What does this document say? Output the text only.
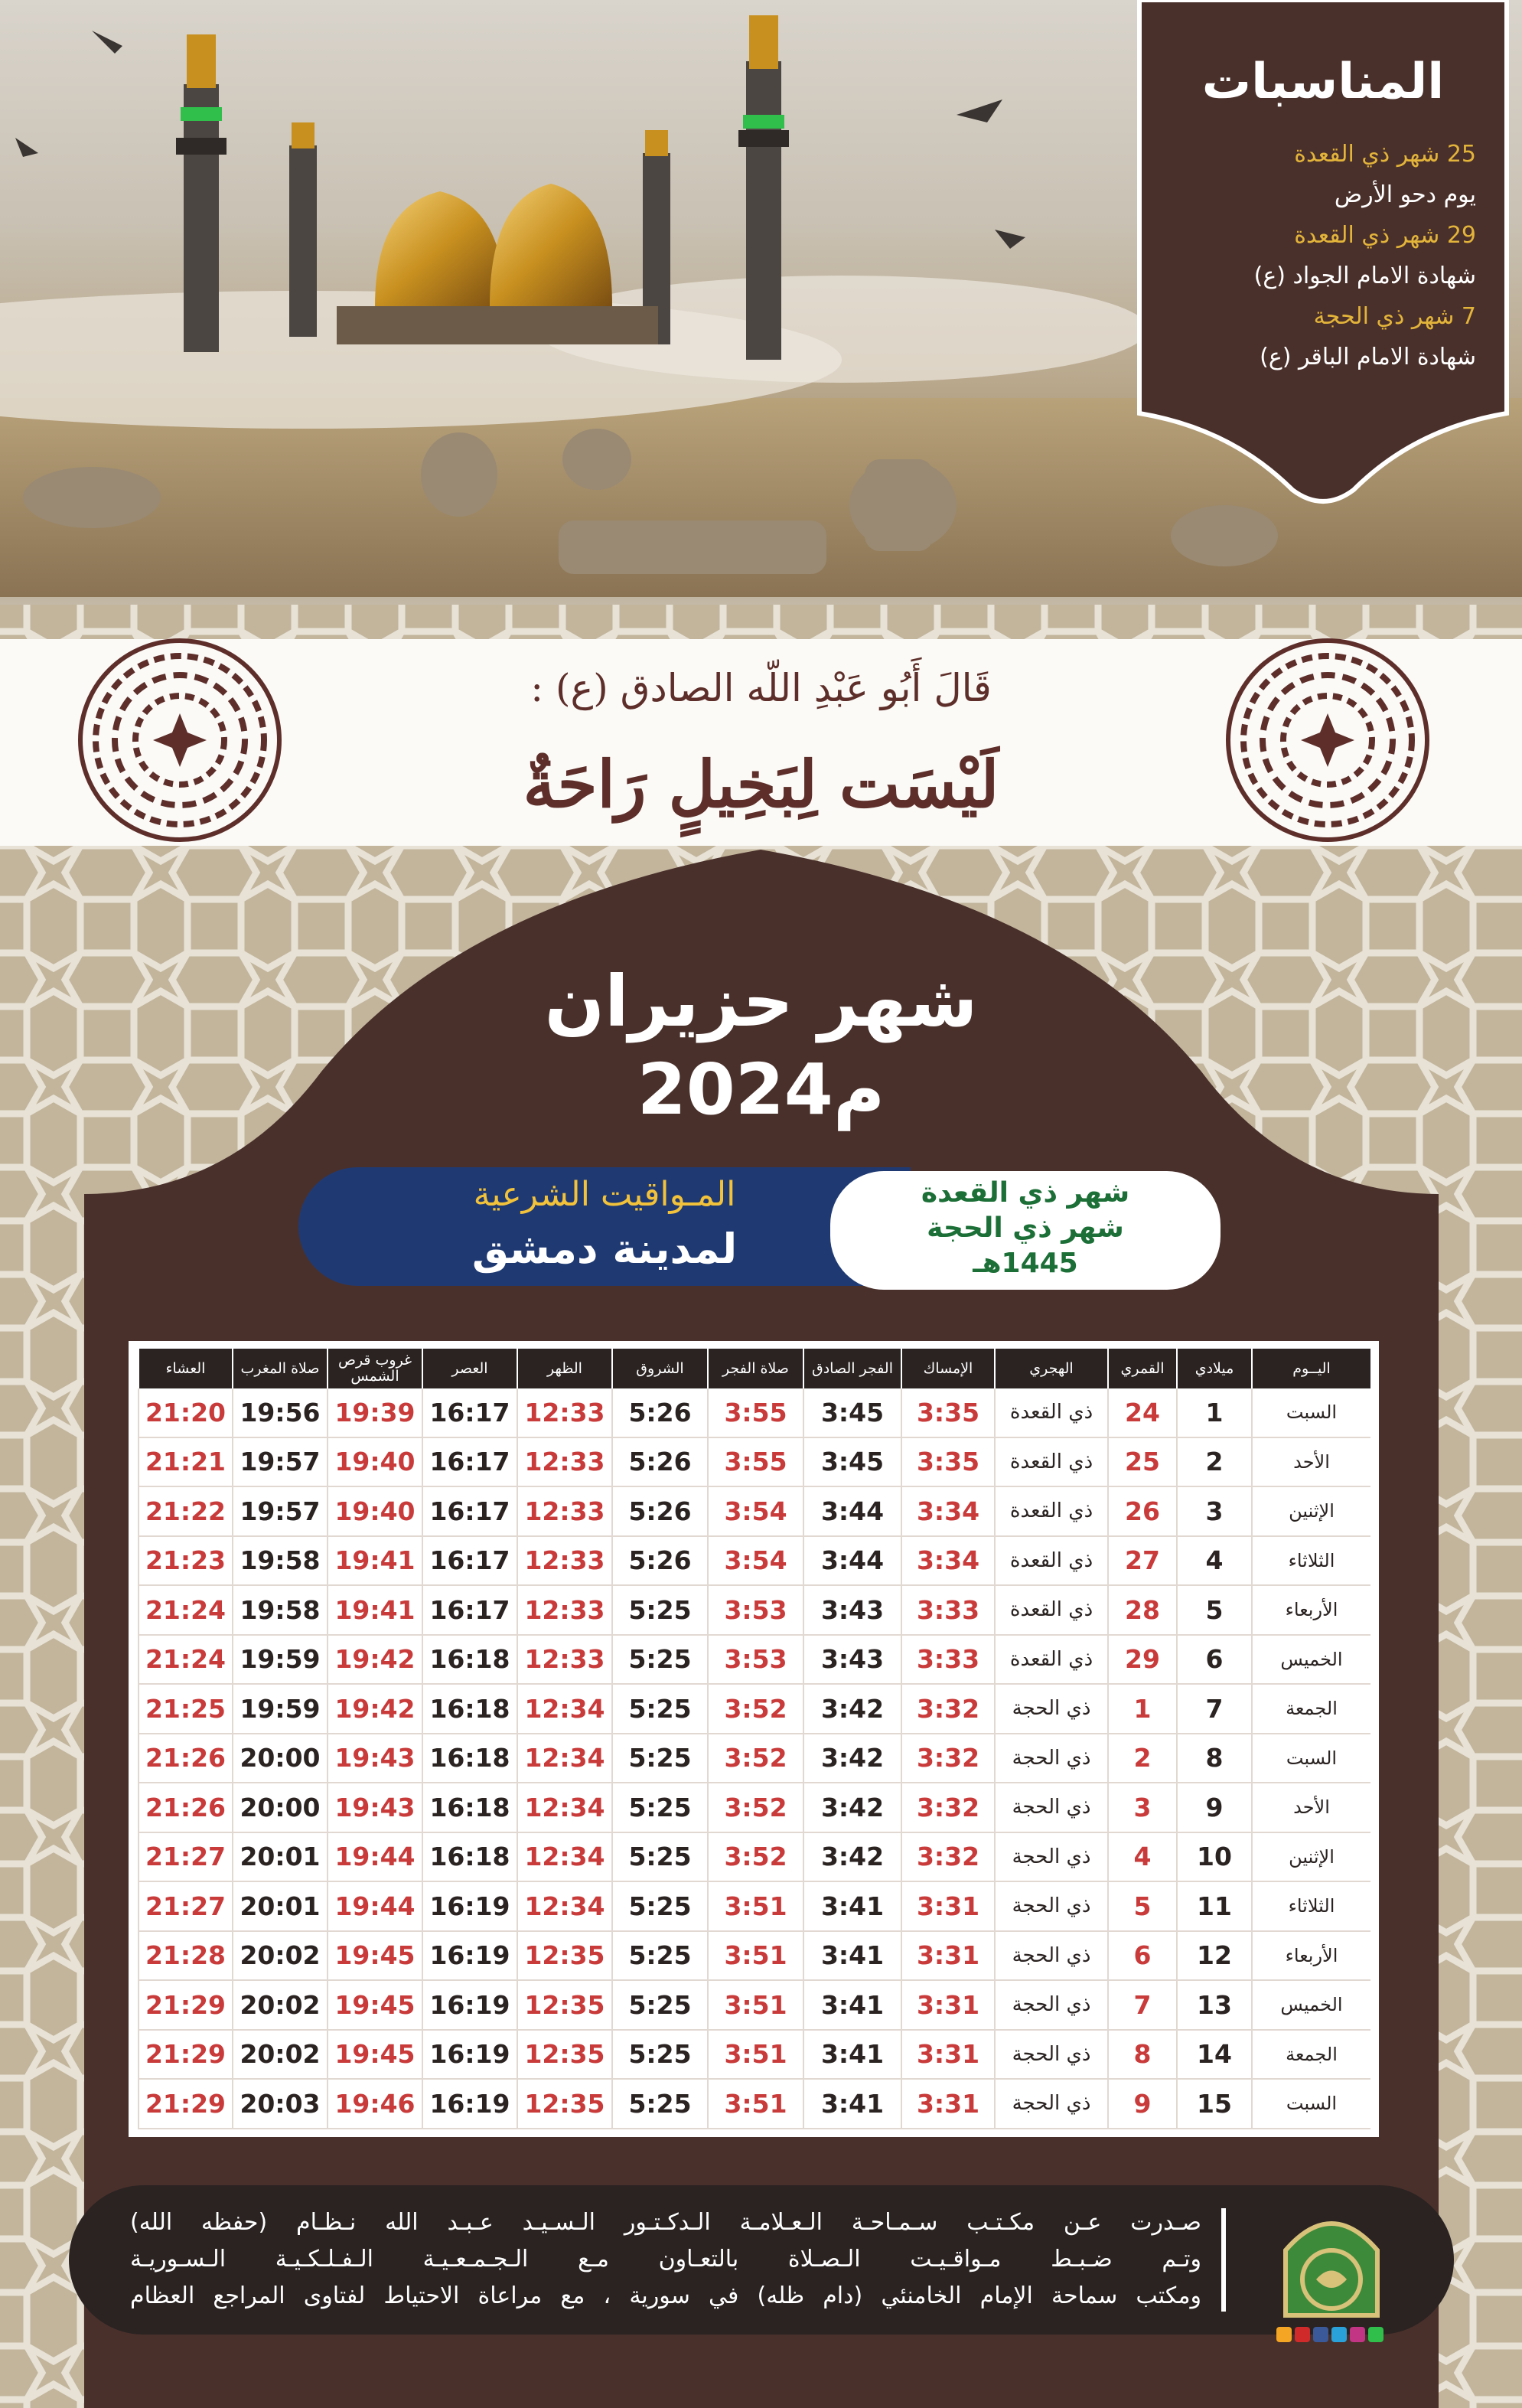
المناسبات
25 شهر ذي القعدة
يوم دحو الأرض
29 شهر ذي القعدة
شهادة الامام الجواد (ع)
7 شهر ذي الحجة
شهادة الامام الباقر (ع)
قَالَ أَبُو عَبْدِ اللّه الصادق (ع) :
لَيْسَت لِبَخِيلٍ رَاحَةٌ
شهر حزيران
2024م
المـواقيت الشرعية
لمدينة دمشق
شهر ذي القعدة
شهر ذي الحجة
1445هـ
اليــوم	ميلادي	القمري	الهجري	الإمساك	الفجر الصادق	صلاة الفجر	الشروق	الظهر	العصر	غروب قرص الشمس	صلاة المغرب	العشاء
السبت	1	24	ذي القعدة	3:35	3:45	3:55	5:26	12:33	16:17	19:39	19:56	21:20
الأحد	2	25	ذي القعدة	3:35	3:45	3:55	5:26	12:33	16:17	19:40	19:57	21:21
الإثنين	3	26	ذي القعدة	3:34	3:44	3:54	5:26	12:33	16:17	19:40	19:57	21:22
الثلاثاء	4	27	ذي القعدة	3:34	3:44	3:54	5:26	12:33	16:17	19:41	19:58	21:23
الأربعاء	5	28	ذي القعدة	3:33	3:43	3:53	5:25	12:33	16:17	19:41	19:58	21:24
الخميس	6	29	ذي القعدة	3:33	3:43	3:53	5:25	12:33	16:18	19:42	19:59	21:24
الجمعة	7	1	ذي الحجة	3:32	3:42	3:52	5:25	12:34	16:18	19:42	19:59	21:25
السبت	8	2	ذي الحجة	3:32	3:42	3:52	5:25	12:34	16:18	19:43	20:00	21:26
الأحد	9	3	ذي الحجة	3:32	3:42	3:52	5:25	12:34	16:18	19:43	20:00	21:26
الإثنين	10	4	ذي الحجة	3:32	3:42	3:52	5:25	12:34	16:18	19:44	20:01	21:27
الثلاثاء	11	5	ذي الحجة	3:31	3:41	3:51	5:25	12:34	16:19	19:44	20:01	21:27
الأربعاء	12	6	ذي الحجة	3:31	3:41	3:51	5:25	12:35	16:19	19:45	20:02	21:28
الخميس	13	7	ذي الحجة	3:31	3:41	3:51	5:25	12:35	16:19	19:45	20:02	21:29
الجمعة	14	8	ذي الحجة	3:31	3:41	3:51	5:25	12:35	16:19	19:45	20:02	21:29
السبت	15	9	ذي الحجة	3:31	3:41	3:51	5:25	12:35	16:19	19:46	20:03	21:29
صـدرت عـن مكـتـب سـمـاحـة الـعـلامـة الـدكـتـور الـسـيـد عـبـد الله نـظـام (حفظه الله)
وتـم ضـبـط مـواقـيـت الـصـلاة بالتعـاون مـع الـجـمـعـيـة الـفـلـكـيـة الـسـوريـة
ومكتب سماحة الإمام الخامنئي (دام ظله) في سورية ، مع مراعاة الاحتياط لفتاوى المراجع العظام
